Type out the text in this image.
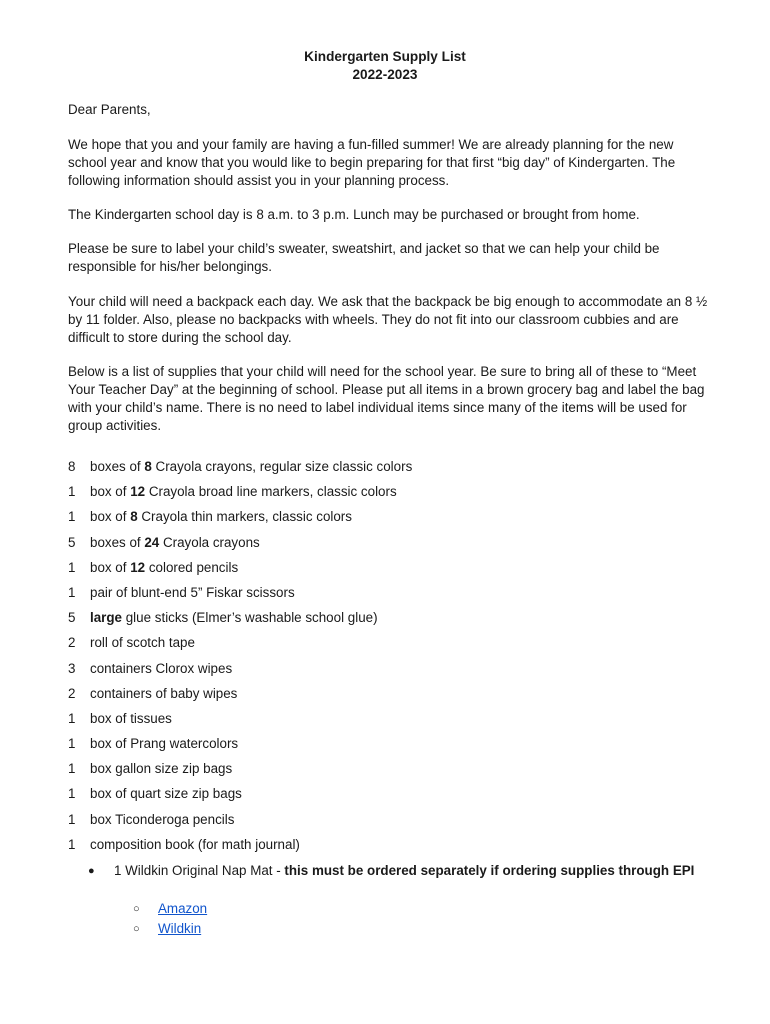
Kindergarten Supply List
2022-2023
Dear Parents,
We hope that you and your family are having a fun-filled summer! We are already planning for the new school year and know that you would like to begin preparing for that first “big day” of Kindergarten. The following information should assist you in your planning process.
The Kindergarten school day is 8 a.m. to 3 p.m. Lunch may be purchased or brought from home.
Please be sure to label your child’s sweater, sweatshirt, and jacket so that we can help your child be responsible for his/her belongings.
Your child will need a backpack each day. We ask that the backpack be big enough to accommodate an 8 ½ by 11 folder. Also, please no backpacks with wheels. They do not fit into our classroom cubbies and are difficult to store during the school day.
Below is a list of supplies that your child will need for the school year. Be sure to bring all of these to “Meet Your Teacher Day” at the beginning of school. Please put all items in a brown grocery bag and label the bag with your child’s name. There is no need to label individual items since many of the items will be used for group activities.
8	boxes of 8 Crayola crayons, regular size classic colors
1	box of 12 Crayola broad line markers, classic colors
1	box of 8 Crayola thin markers, classic colors
5	boxes of 24 Crayola crayons
1	box of 12 colored pencils
1	pair of blunt-end 5” Fiskar scissors
5	large glue sticks (Elmer’s washable school glue)
2	roll of scotch tape
3	containers Clorox wipes
2	containers of baby wipes
1	box of tissues
1	box of Prang watercolors
1	box gallon size zip bags
1	box of quart size zip bags
1	box Ticonderoga pencils
1	composition book (for math journal)
●	1 Wildkin Original Nap Mat - this must be ordered separately if ordering supplies through EPI
○	Amazon
○	Wildkin
